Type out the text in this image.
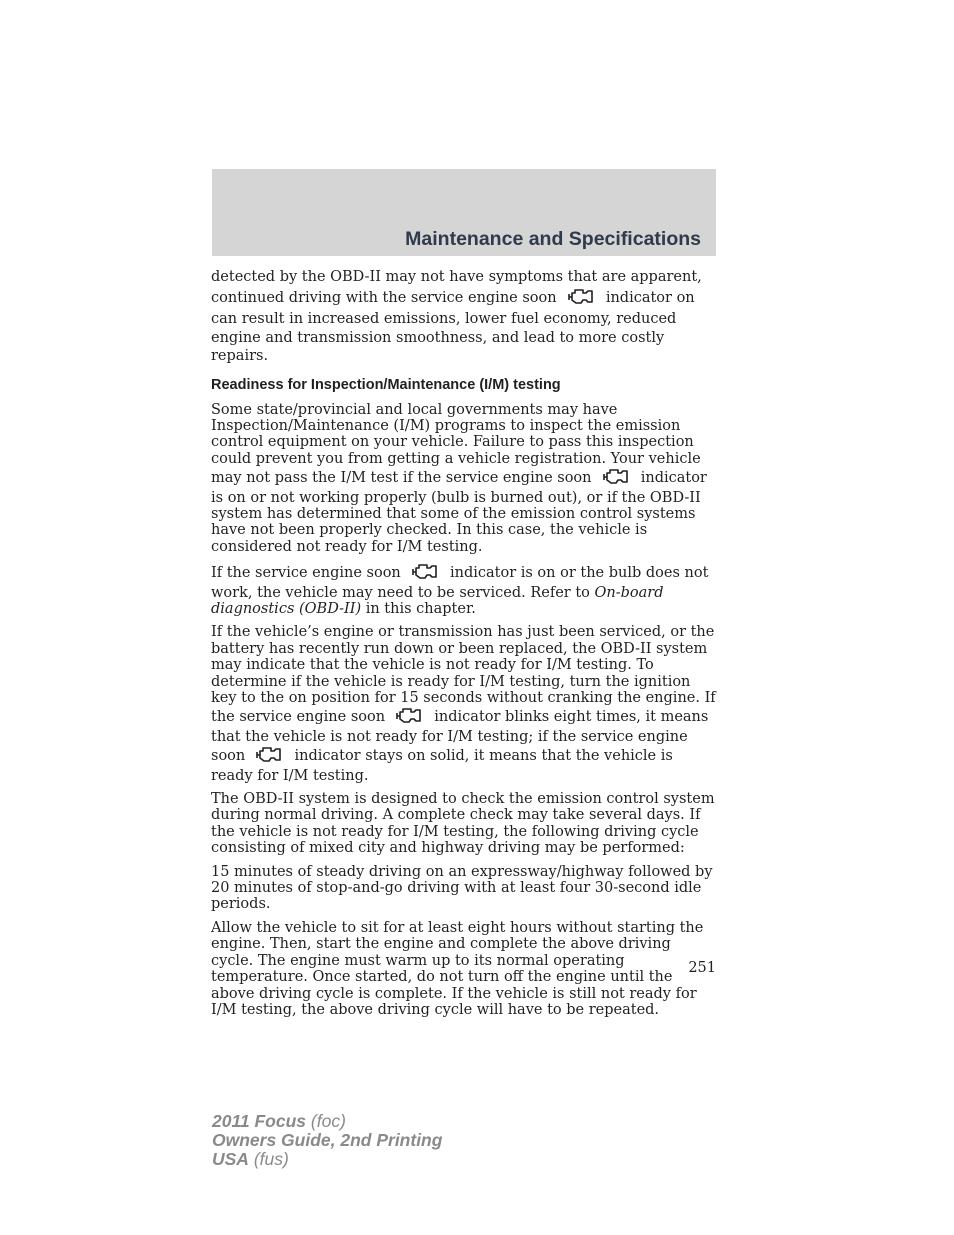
Maintenance and Specifications

detected by the OBD-II may not have symptoms that are apparent, continued driving with the service engine soon	indicator on can result in increased emissions, lower fuel economy, reduced engine and transmission smoothness, and lead to more costly repairs.

Readiness for Inspection/Maintenance (I/M) testing

Some state/provincial and local governments may have Inspection/Maintenance (I/M) programs to inspect the emission control equipment on your vehicle. Failure to pass this inspection could prevent you from getting a vehicle registration. Your vehicle may not pass the I/M test if the service engine soon	indicator is on or not working properly (bulb is burned out), or if the OBD-II system has determined that some of the emission control systems have not been properly checked. In this case, the vehicle is considered not ready for I/M testing.

If the service engine soon	indicator is on or the bulb does not work, the vehicle may need to be serviced. Refer to On-board diagnostics (OBD-II) in this chapter.

If the vehicle’s engine or transmission has just been serviced, or the battery has recently run down or been replaced, the OBD-II system may indicate that the vehicle is not ready for I/M testing. To determine if the vehicle is ready for I/M testing, turn the ignition key to the on position for 15 seconds without cranking the engine. If the service engine soon	indicator blinks eight times, it means that the vehicle is not ready for I/M testing; if the service engine soon	indicator stays on solid, it means that the vehicle is ready for I/M testing.

The OBD-II system is designed to check the emission control system during normal driving. A complete check may take several days. If the vehicle is not ready for I/M testing, the following driving cycle consisting of mixed city and highway driving may be performed:

15 minutes of steady driving on an expressway/highway followed by 20 minutes of stop-and-go driving with at least four 30-second idle periods.

Allow the vehicle to sit for at least eight hours without starting the engine. Then, start the engine and complete the above driving cycle. The engine must warm up to its normal operating temperature. Once started, do not turn off the engine until the above driving cycle is complete. If the vehicle is still not ready for I/M testing, the above driving cycle will have to be repeated.

251
2011 Focus (foc)
Owners Guide, 2nd Printing
USA (fus)
